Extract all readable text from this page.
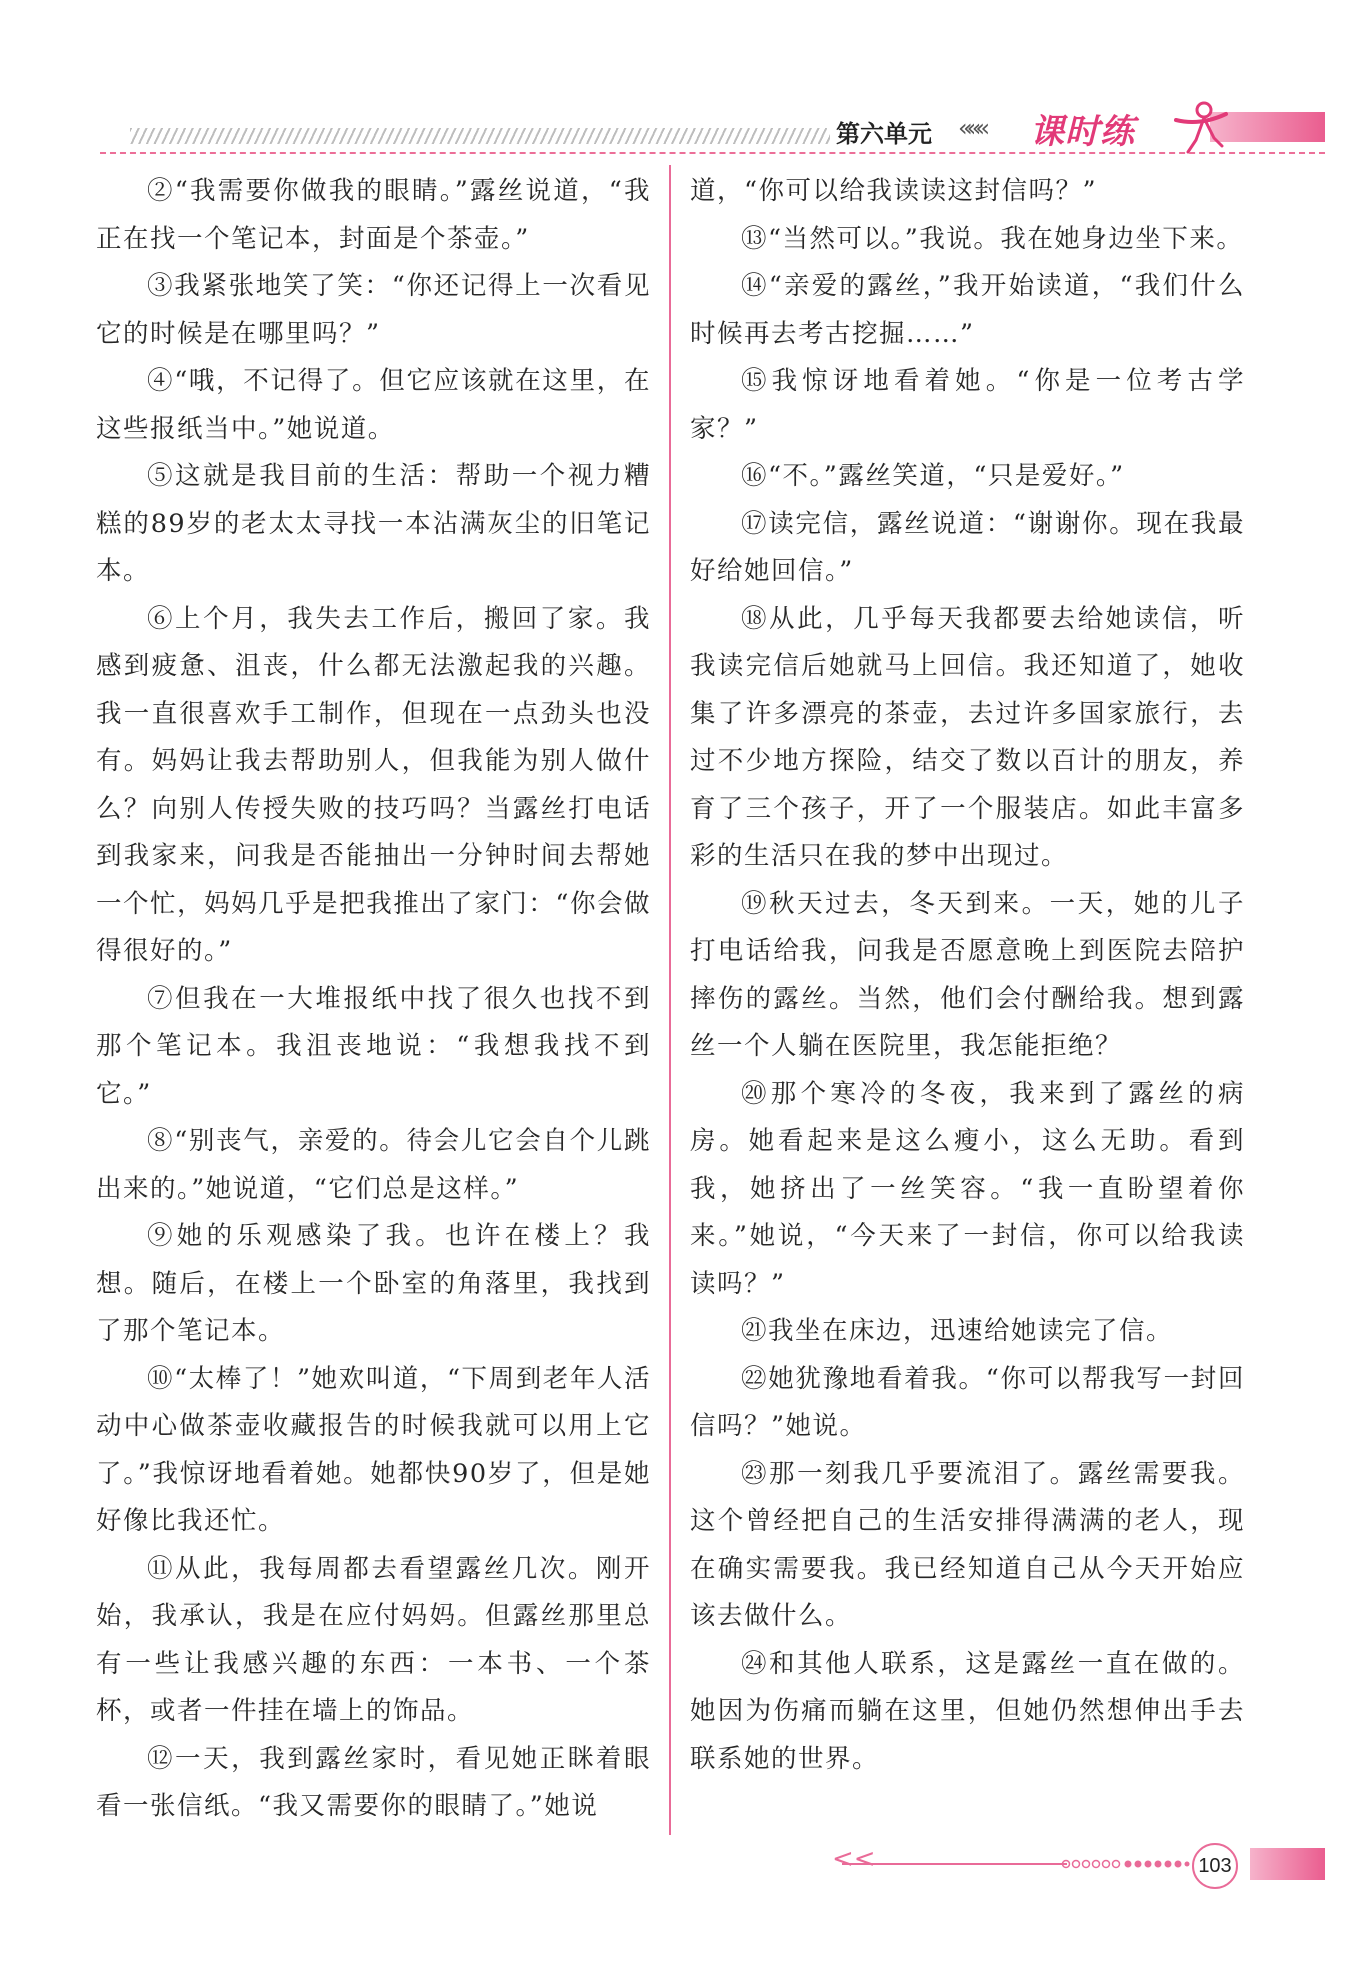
第六单元 ««« 课时练

②“我需要你做我的眼睛。”露丝说道，“我正在找一个笔记本，封面是个茶壶。”

③我紧张地笑了笑：“你还记得上一次看见它的时候是在哪里吗？”

④“哦，不记得了。但它应该就在这里，在这些报纸当中。”她说道。

⑤这就是我目前的生活：帮助一个视力糟糕的89岁的老太太寻找一本沾满灰尘的旧笔记本。

⑥上个月，我失去工作后，搬回了家。我感到疲惫、沮丧，什么都无法激起我的兴趣。我一直很喜欢手工制作，但现在一点劲头也没有。妈妈让我去帮助别人，但我能为别人做什么？向别人传授失败的技巧吗？当露丝打电话到我家来，问我是否能抽出一分钟时间去帮她一个忙，妈妈几乎是把我推出了家门：“你会做得很好的。”

⑦但我在一大堆报纸中找了很久也找不到那个笔记本。我沮丧地说：“我想我找不到它。”

⑧“别丧气，亲爱的。待会儿它会自个儿跳出来的。”她说道，“它们总是这样。”

⑨她的乐观感染了我。也许在楼上？我想。随后，在楼上一个卧室的角落里，我找到了那个笔记本。

⑩“太棒了！”她欢叫道，“下周到老年人活动中心做茶壶收藏报告的时候我就可以用上它了。”我惊讶地看着她。她都快90岁了，但是她好像比我还忙。

⑪从此，我每周都去看望露丝几次。刚开始，我承认，我是在应付妈妈。但露丝那里总有一些让我感兴趣的东西：一本书、一个茶杯，或者一件挂在墙上的饰品。

⑫一天，我到露丝家时，看见她正眯着眼看一张信纸。“我又需要你的眼睛了。”她说

道，“你可以给我读读这封信吗？”

⑬“当然可以。”我说。我在她身边坐下来。

⑭“亲爱的露丝，”我开始读道，“我们什么时候再去考古挖掘……”

⑮我惊讶地看着她。“你是一位考古学家？”

⑯“不。”露丝笑道，“只是爱好。”

⑰读完信，露丝说道：“谢谢你。现在我最好给她回信。”

⑱从此，几乎每天我都要去给她读信，听我读完信后她就马上回信。我还知道了，她收集了许多漂亮的茶壶，去过许多国家旅行，去过不少地方探险，结交了数以百计的朋友，养育了三个孩子，开了一个服装店。如此丰富多彩的生活只在我的梦中出现过。

⑲秋天过去，冬天到来。一天，她的儿子打电话给我，问我是否愿意晚上到医院去陪护摔伤的露丝。当然，他们会付酬给我。想到露丝一个人躺在医院里，我怎能拒绝？

⑳那个寒冷的冬夜，我来到了露丝的病房。她看起来是这么瘦小，这么无助。看到我，她挤出了一丝笑容。“我一直盼望着你来。”她说，“今天来了一封信，你可以给我读读吗？”

㉑我坐在床边，迅速给她读完了信。

㉒她犹豫地看着我。“你可以帮我写一封回信吗？”她说。

㉓那一刻我几乎要流泪了。露丝需要我。这个曾经把自己的生活安排得满满的老人，现在确实需要我。我已经知道自己从今天开始应该去做什么。

㉔和其他人联系，这是露丝一直在做的。她因为伤痛而躺在这里，但她仍然想伸出手去联系她的世界。

<<	103
